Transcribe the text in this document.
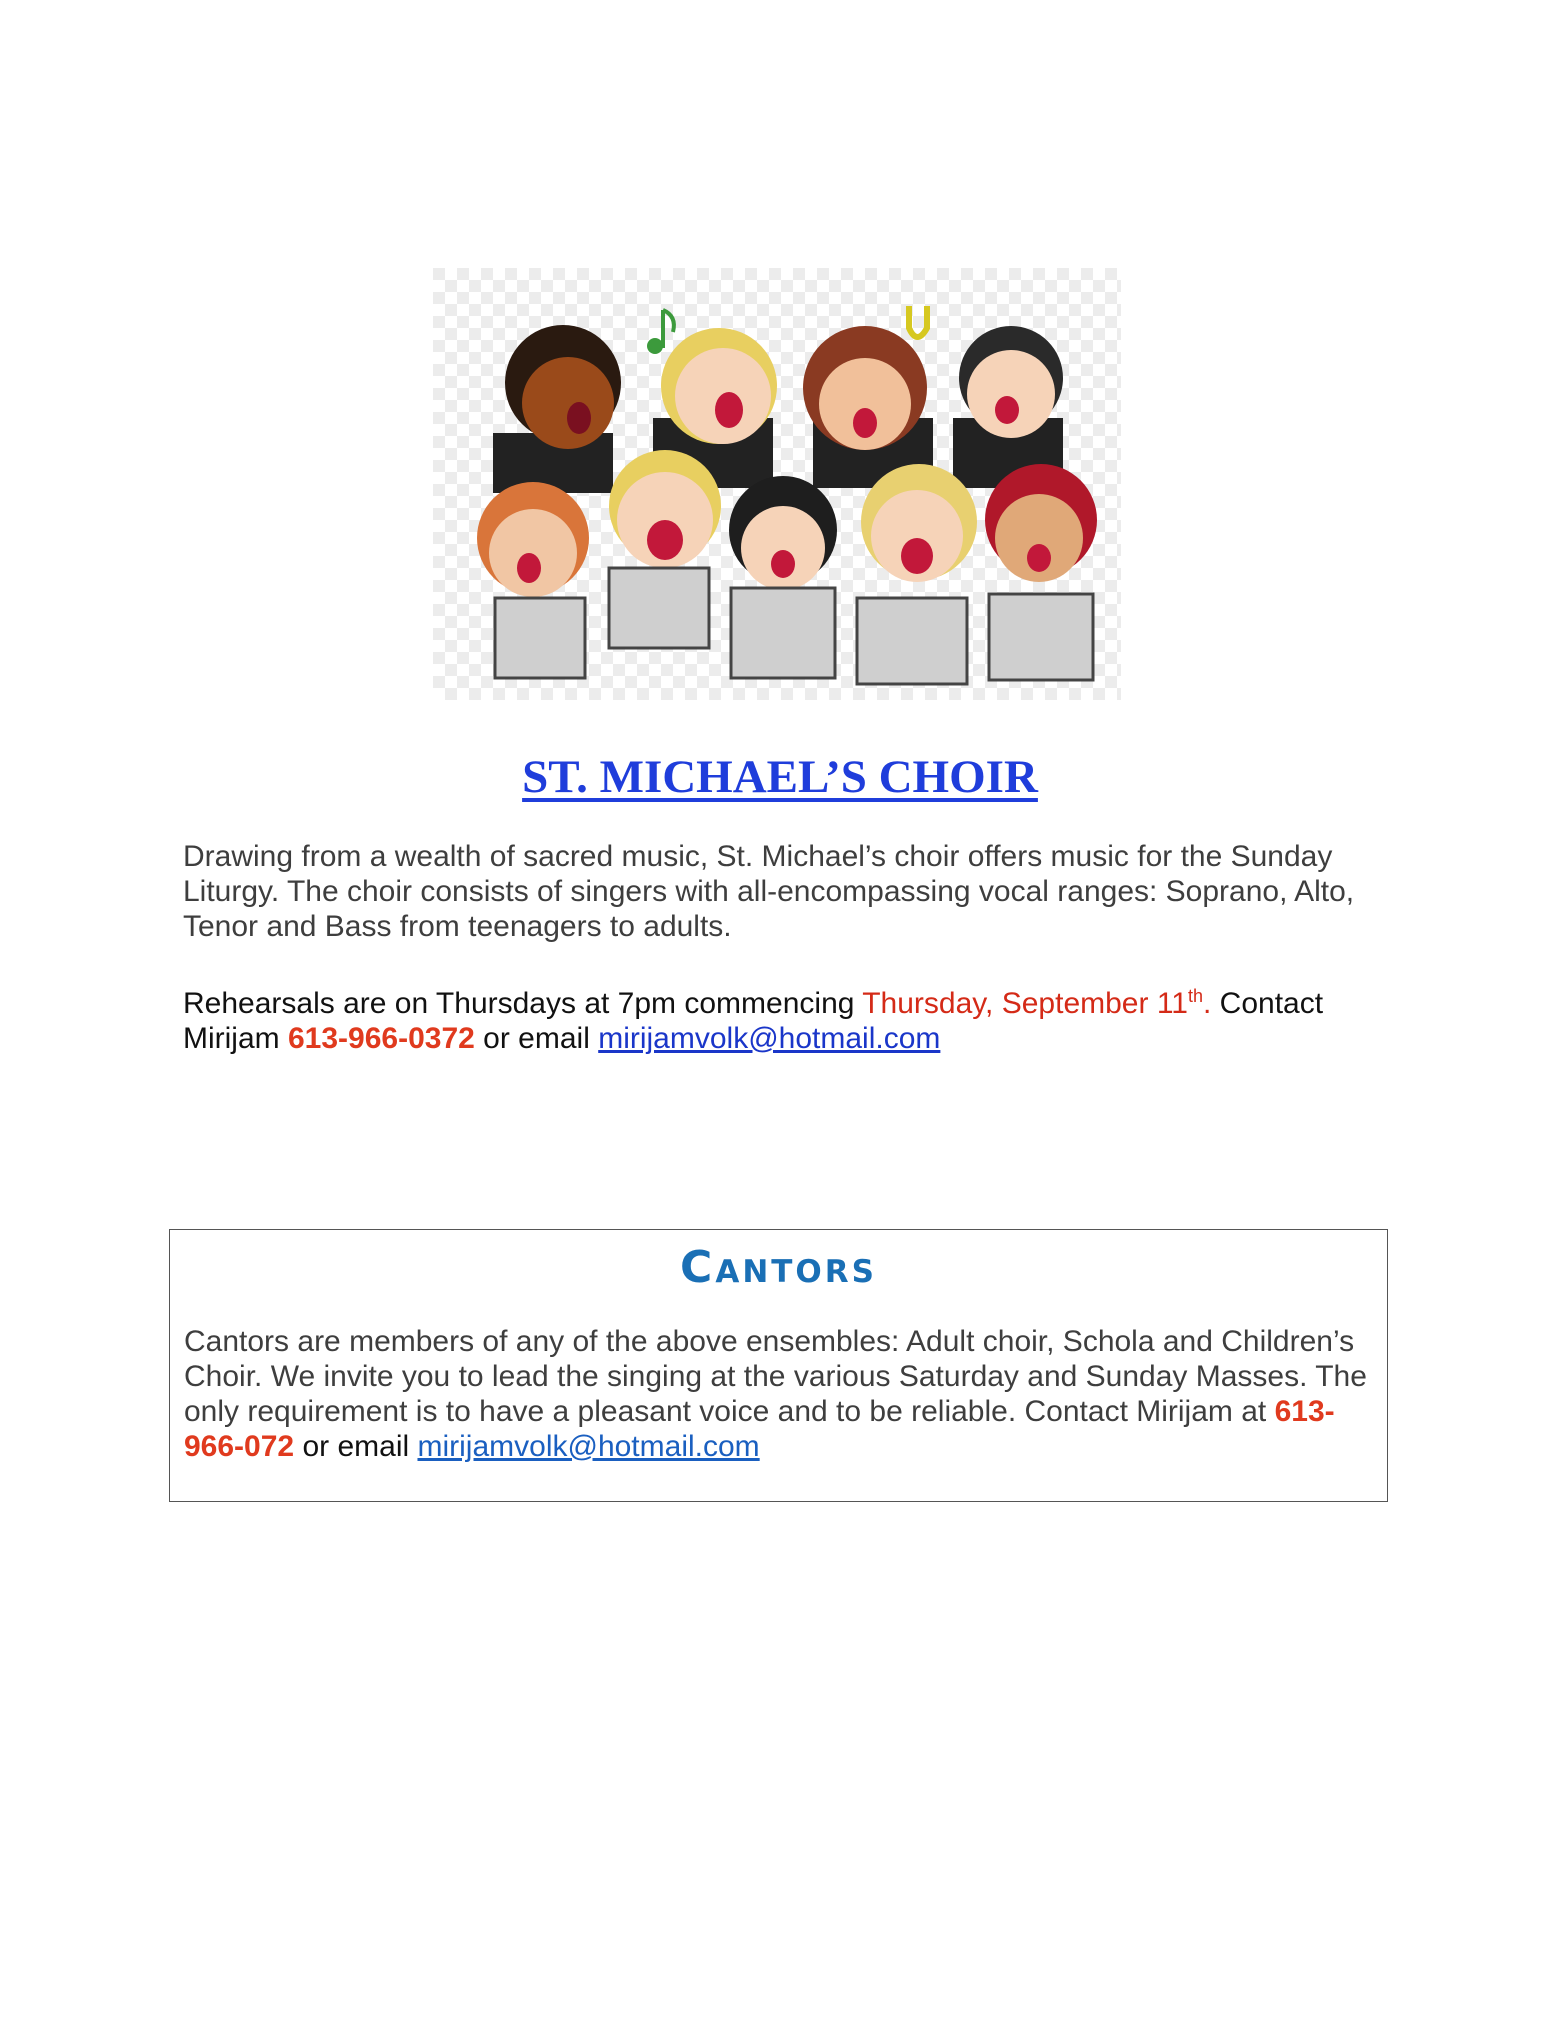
ST. MICHAEL’S CHOIR
Drawing from a wealth of sacred music, St. Michael’s choir offers music for the Sunday Liturgy. The choir consists of singers with all-encompassing vocal ranges: Soprano, Alto, Tenor and Bass from teenagers to adults.
Rehearsals are on Thursdays at 7pm commencing Thursday, September 11th. Contact Mirijam 613-966-0372 or email mirijamvolk@hotmail.com
Cantors
Cantors are members of any of the above ensembles: Adult choir, Schola and Children’s Choir. We invite you to lead the singing at the various Saturday and Sunday Masses. The only requirement is to have a pleasant voice and to be reliable. Contact Mirijam at 613-966-072 or email mirijamvolk@hotmail.com
